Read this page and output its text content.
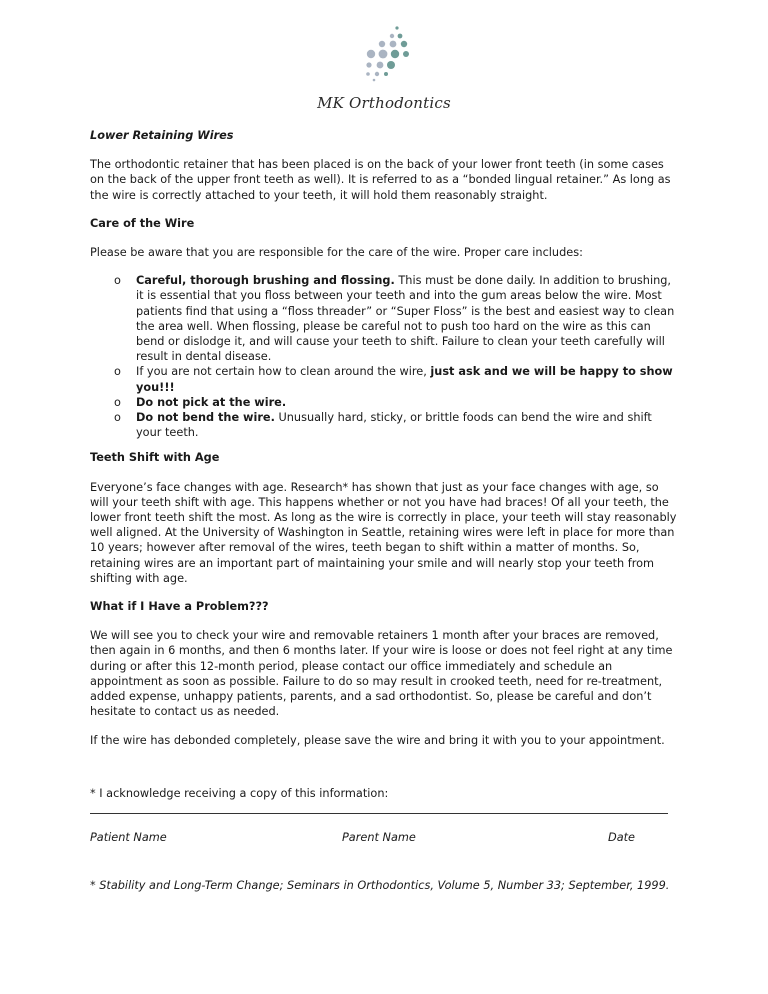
MK Orthodontics
Lower Retaining Wires

The orthodontic retainer that has been placed is on the back of your lower front teeth (in some cases on the back of the upper front teeth as well). It is referred to as a “bonded lingual retainer.” As long as the wire is correctly attached to your teeth, it will hold them reasonably straight.

Care of the Wire

Please be aware that you are responsible for the care of the wire. Proper care includes:

o Careful, thorough brushing and flossing. This must be done daily. In addition to brushing, it is essential that you floss between your teeth and into the gum areas below the wire. Most patients find that using a “floss threader” or “Super Floss” is the best and easiest way to clean the area well. When flossing, please be careful not to push too hard on the wire as this can bend or dislodge it, and will cause your teeth to shift. Failure to clean your teeth carefully will result in dental disease.
o If you are not certain how to clean around the wire, just ask and we will be happy to show you!!!
o Do not pick at the wire.
o Do not bend the wire. Unusually hard, sticky, or brittle foods can bend the wire and shift your teeth.
Teeth Shift with Age

Everyone’s face changes with age. Research* has shown that just as your face changes with age, so will your teeth shift with age. This happens whether or not you have had braces! Of all your teeth, the lower front teeth shift the most. As long as the wire is correctly in place, your teeth will stay reasonably well aligned. At the University of Washington in Seattle, retaining wires were left in place for more than 10 years; however after removal of the wires, teeth began to shift within a matter of months. So, retaining wires are an important part of maintaining your smile and will nearly stop your teeth from shifting with age.

What if I Have a Problem???

We will see you to check your wire and removable retainers 1 month after your braces are removed, then again in 6 months, and then 6 months later. If your wire is loose or does not feel right at any time during or after this 12-month period, please contact our office immediately and schedule an appointment as soon as possible. Failure to do so may result in crooked teeth, need for re-treatment, added expense, unhappy patients, parents, and a sad orthodontist. So, please be careful and don’t hesitate to contact us as needed.

If the wire has debonded completely, please save the wire and bring it with you to your appointment.

* I acknowledge receiving a copy of this information:
Patient Name	Parent Name	Date
* Stability and Long-Term Change; Seminars in Orthodontics, Volume 5, Number 33; September, 1999.
